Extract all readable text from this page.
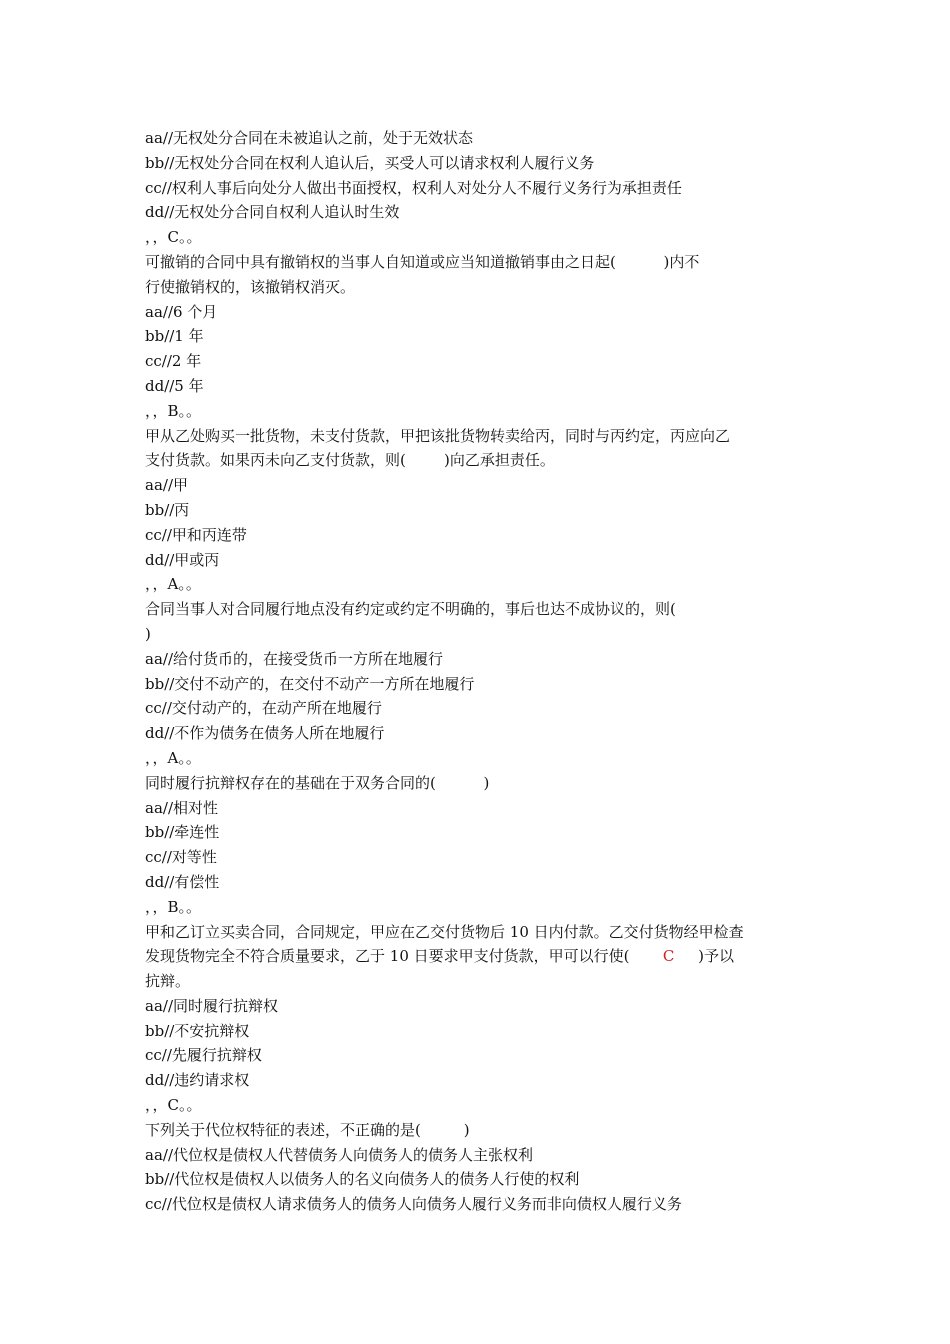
aa//无权处分合同在未被追认之前，处于无效状态
bb//无权处分合同在权利人追认后，买受人可以请求权利人履行义务
cc//权利人事后向处分人做出书面授权，权利人对处分人不履行义务行为承担责任
dd//无权处分合同自权利人追认时生效
，，C。。
可撤销的合同中具有撤销权的当事人自知道或应当知道撤销事由之日起(          )内不
行使撤销权的，该撤销权消灭。
aa//6 个月
bb//1 年
cc//2 年
dd//5 年
，，B。。
甲从乙处购买一批货物，未支付货款，甲把该批货物转卖给丙，同时与丙约定，丙应向乙
支付货款。如果丙未向乙支付货款，则(        )向乙承担责任。
aa//甲
bb//丙
cc//甲和丙连带
dd//甲或丙
，，A。。
合同当事人对合同履行地点没有约定或约定不明确的，事后也达不成协议的，则(
)
aa//给付货币的，在接受货币一方所在地履行
bb//交付不动产的，在交付不动产一方所在地履行
cc//交付动产的，在动产所在地履行
dd//不作为债务在债务人所在地履行
，，A。。
同时履行抗辩权存在的基础在于双务合同的(          )
aa//相对性
bb//牵连性
cc//对等性
dd//有偿性
，，B。。
甲和乙订立买卖合同，合同规定，甲应在乙交付货物后 10 日内付款。乙交付货物经甲检查
发现货物完全不符合质量要求，乙于 10 日要求甲支付货款，甲可以行使(       C     )予以
抗辩。
aa//同时履行抗辩权
bb//不安抗辩权
cc//先履行抗辩权
dd//违约请求权
，，C。。
下列关于代位权特征的表述，不正确的是(         )
aa//代位权是债权人代替债务人向债务人的债务人主张权利
bb//代位权是债权人以债务人的名义向债务人的债务人行使的权利
cc//代位权是债权人请求债务人的债务人向债务人履行义务而非向债权人履行义务
